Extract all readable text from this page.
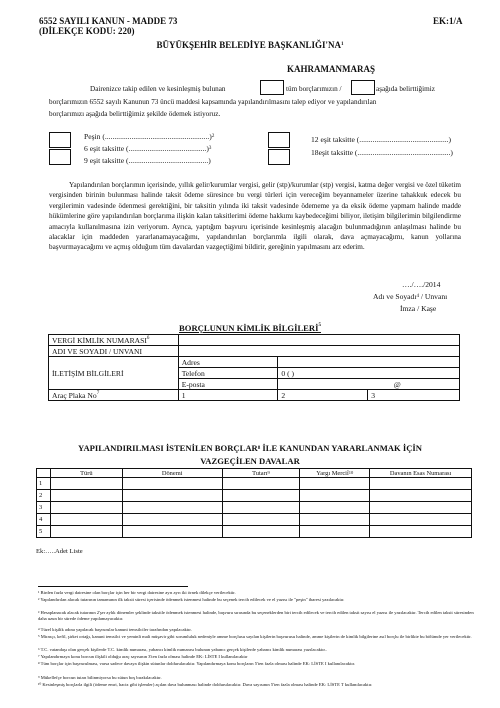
6552 SAYILI KANUN - MADDE 73
(DİLEKÇE KODU: 220)
EK:1/A
BÜYÜKŞEHİR BELEDİYE $BAŞKANLIĞI'NA^1$
KAHRAMANMARAŞ
Dairenizce takip edilen ve kesinleşmiş bulunan	tüm borçlarımızın /	aşağıda belirttiğimiz
borçlarımızın 6552 sayılı Kanunun 73 üncü maddesi kapsamında yapılandırılmasını talep ediyor ve yapılandırılan
borçlarımızı aşağıda belirttiğimiz şekilde ödemek istiyoruz.
Peşin (.......................................................)$^2$
6 eşit taksitte (.........................................)$^3$
9 eşit taksitte (..........................................)
12 eşit taksitte (...............................................)
18eşit taksitte (.................................................)
Yapılandırılan borçlarımın içerisinde, yıllık gelir/kurumlar vergisi, gelir (stp)/kurumlar (stp) vergisi, katma değer vergisi ve özel tüketim vergisinden birinin bulunması halinde taksit ödeme süresince bu vergi türleri için vereceğim beyannameler üzerine tahakkuk edecek bu vergilerimin vadesinde ödenmesi gerektiğini, bir taksitin yılında iki taksit vadesinde ödememe ya da eksik ödeme yapmam halinde madde hükümlerine göre yapılandırılan borçlarıma ilişkin kalan taksitlerimi ödeme hakkımı kaybedeceğimi biliyor, iletişim bilgilerimin bilgilendirme amacıyla kullanılmasına izin veriyorum. Ayrıca, yaptığım başvuru içerisinde kesinleşmiş alacağın bulunmadığının anlaşılması halinde bu alacaklar için maddeden yararlanamayacağımı, yapılandırılan borçlarımla ilgili olarak, dava açmayacağımı, kanun yollarına başvurmayacağımı ve açmış olduğum tüm davalardan vazgeçtiğimi bildirir, gereğinin yapılmasını arz ederim.
…./…./2014
Adı ve Soyadı$^4$ / Unvanı
İmza / Kaşe
BORÇLUNUN KİMLİK BİLGİLERİ$^5$
VERGİ KİMLİK NUMARASI$^6$	
ADI VE SOYADI / UNVANI			
İLETİŞİM BİLGİLERİ	Adres		
	Telefon	0 ( )	
	E-posta	@	
Araç Plaka No$^7$	1	2	3
YAPILANDIRILMASI İSTENİLEN BORÇLAR$^8$ İLE KANUNDAN YARARLANMAK İÇİN
VAZGEÇİLEN DAVALAR
	Türü	Dönemi	Tutarı$^9$	Yargı Merciî$^{10}$	Davanın Esas Numarası
1					
2					
3					
4					
5					
Ek:…..Adet Liste
¹ Birden fazla vergi dairesine olan borçlar için her bir vergi dairesine ayrı ayrı iki örnek dilekçe verilecektir.
² Yapılandırılan alacak tutarının tamamının ilk taksit süresi içerisinde ödenmek istenmesi halinde bu seçenek tercih edilecek ve el yazısı ile "peşin" ibaresi yazılacaktır.
³ Hesaplanacak alacak tutarının 2'şer aylık dönemler şeklinde taksitle ödenmek istenmesi halinde, başvuru sırasında bu seçeneklerden biri tercih edilecek ve tercih edilen taksit sayısı el yazısı ile yazılacaktır. Tercih edilen taksit süresinden daha uzun bir sürede ödeme yapılamayacaktır.
⁴ Tüzel kişilik adına yapılacak başvurular kanuni temsilciler tarafından yapılacaktır.
⁵ Mirasçı, kefil, şirket ortağı, kanuni temsilci ve yeminli mali müşavir gibi sorumluluk nedeniyle amme borçlusu sayılan kişilerin başvurusu halinde, amme kişilerin de kimlik bilgilerine asıl borçlu ile birlikte bu bölümde yer verilecektir.
⁶ T.C. vatandaşı olan gerçek kişilerde T.C. kimlik numarası, yabancı kimlik numarası bulunan yabancı gerçek kişilerde yabancı kimlik numarası yazılacaktır..
⁷ Yapılandırmaya konu borcun ilişkili olduğu araç sayısının 3'ten fazla olması halinde EK: LİSTE I kullanılacaktır
⁸ Tüm borçlar için başvurulması, varsa sadece davaya ilişkin sütunlar doldurulacaktır. Yapılandırmaya konu borçların 5'ten fazla olması halinde EK: LİSTE I kullanılacaktır.
⁹ Mükellefçe borcun tutarı bilinmiyorsa bu sütun boş bırakılacaktır.
¹⁰ Kesinleşmiş borçlarla ilgili (ödeme emri, haciz gibi işlemler) açılan dava bulunması halinde doldurulacaktır. Dava sayısının 5'ten fazla olması halinde EK: LİSTE T kullanılacaktır.
